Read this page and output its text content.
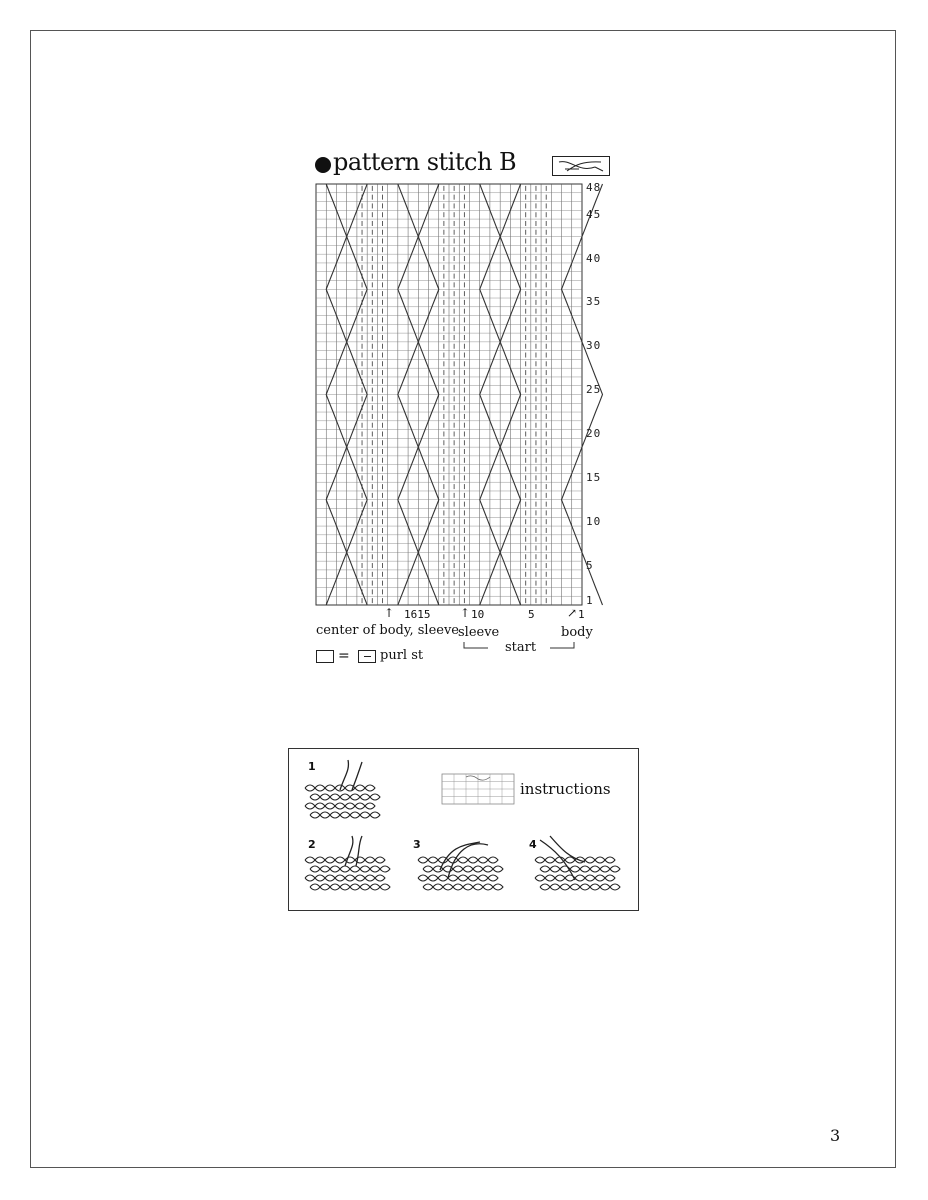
pattern stitch B
48
45
40
35
30
25
20
15
10
5
1
↑ 1615 ↑ 10	5	↗ 1
center of body, sleeve sleeve	body
start
= purl st
1
2	3	4
instructions
3
